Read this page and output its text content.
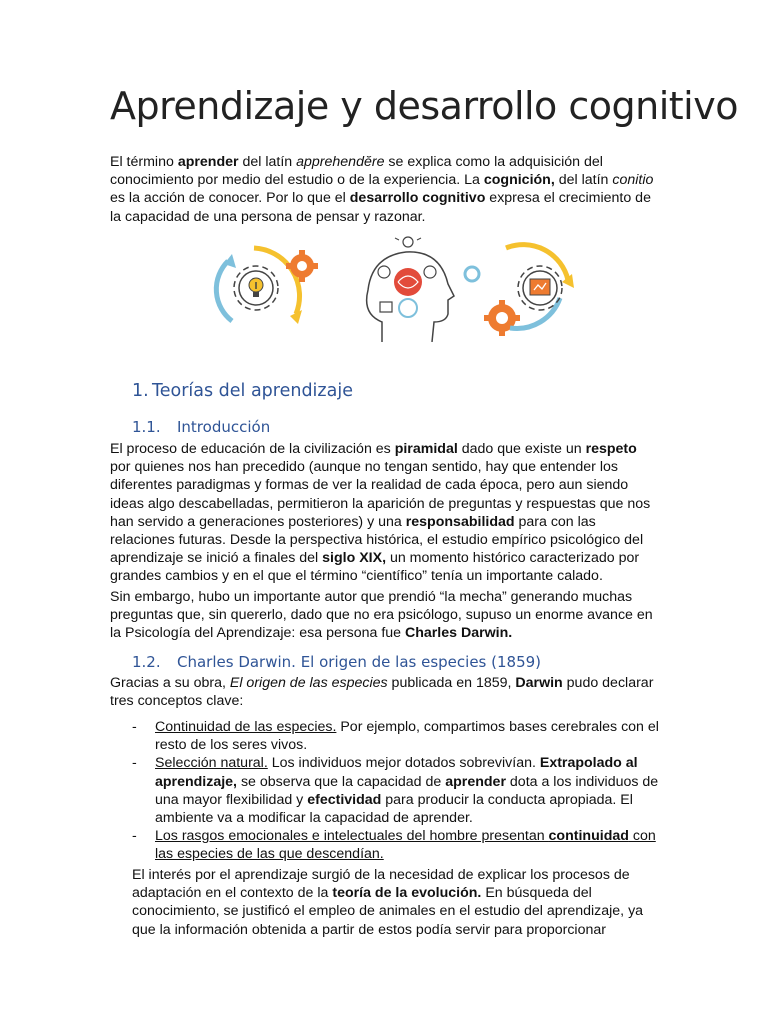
Aprendizaje y desarrollo cognitivo

El término aprender del latín apprehendĕre se explica como la adquisición del conocimiento por medio del estudio o de la experiencia. La cognición, del latín conitio es la acción de conocer. Por lo que el desarrollo cognitivo expresa el crecimiento de la capacidad de una persona de pensar y razonar.

1. Teorías del aprendizaje
1.1. Introducción

El proceso de educación de la civilización es piramidal dado que existe un respeto por quienes nos han precedido (aunque no tengan sentido, hay que entender los diferentes paradigmas y formas de ver la realidad de cada época, pero aun siendo ideas algo descabelladas, permitieron la aparición de preguntas y respuestas que nos han servido a generaciones posteriores) y una responsabilidad para con las relaciones futuras. Desde la perspectiva histórica, el estudio empírico psicológico del aprendizaje se inició a finales del siglo XIX, un momento histórico caracterizado por grandes cambios y en el que el término “científico” tenía un importante calado.

Sin embargo, hubo un importante autor que prendió “la mecha” generando muchas preguntas que, sin quererlo, dado que no era psicólogo, supuso un enorme avance en la Psicología del Aprendizaje: esa persona fue Charles Darwin.

1.2. Charles Darwin. El origen de las especies (1859)

Gracias a su obra, El origen de las especies publicada en 1859, Darwin pudo declarar tres conceptos clave:

- Continuidad de las especies. Por ejemplo, compartimos bases cerebrales con el resto de los seres vivos.
- Selección natural. Los individuos mejor dotados sobrevivían. Extrapolado al aprendizaje, se observa que la capacidad de aprender dota a los individuos de una mayor flexibilidad y efectividad para producir la conducta apropiada. El ambiente va a modificar la capacidad de aprender.
- Los rasgos emocionales e intelectuales del hombre presentan continuidad con las especies de las que descendían.

El interés por el aprendizaje surgió de la necesidad de explicar los procesos de adaptación en el contexto de la teoría de la evolución. En búsqueda del conocimiento, se justificó el empleo de animales en el estudio del aprendizaje, ya que la información obtenida a partir de estos podía servir para proporcionar
